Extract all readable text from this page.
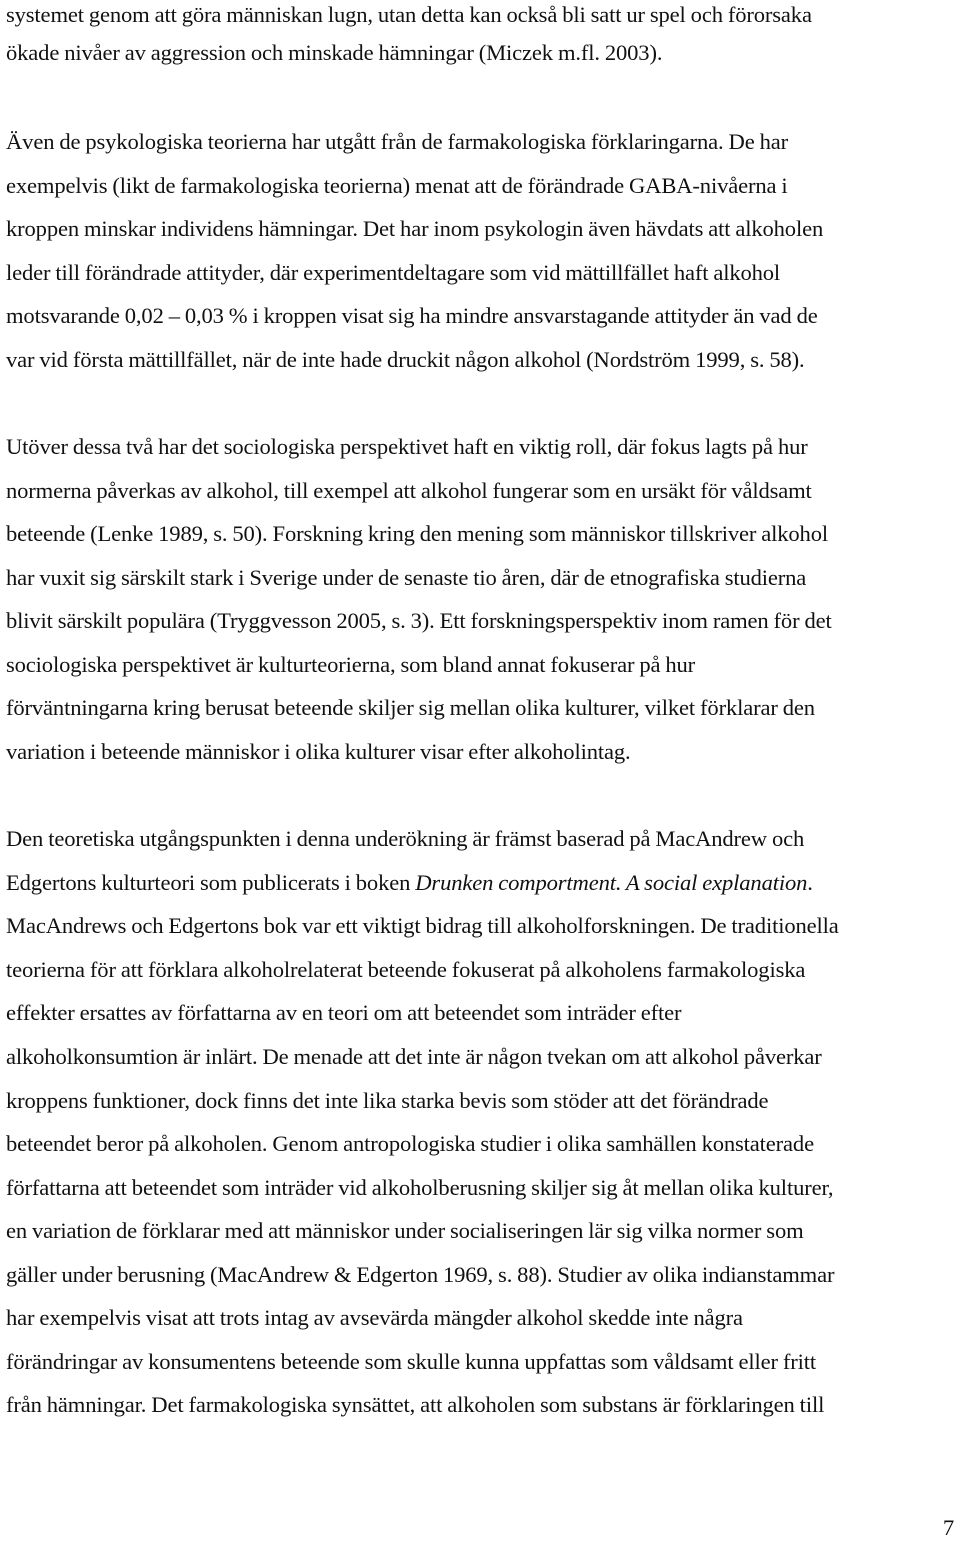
systemet genom att göra människan lugn, utan detta kan också bli satt ur spel och förorsaka

ökade nivåer av aggression och minskade hämningar (Miczek m.fl. 2003).

Även de psykologiska teorierna har utgått från de farmakologiska förklaringarna. De har

exempelvis (likt de farmakologiska teorierna) menat att de förändrade GABA-nivåerna i

kroppen minskar individens hämningar. Det har inom psykologin även hävdats att alkoholen

leder till förändrade attityder, där experimentdeltagare som vid mättillfället haft alkohol

motsvarande 0,02 – 0,03 % i kroppen visat sig ha mindre ansvarstagande attityder än vad de

var vid första mättillfället, när de inte hade druckit någon alkohol (Nordström 1999, s. 58).

Utöver dessa två har det sociologiska perspektivet haft en viktig roll, där fokus lagts på hur

normerna påverkas av alkohol, till exempel att alkohol fungerar som en ursäkt för våldsamt

beteende (Lenke 1989, s. 50). Forskning kring den mening som människor tillskriver alkohol

har vuxit sig särskilt stark i Sverige under de senaste tio åren, där de etnografiska studierna

blivit särskilt populära (Tryggvesson 2005, s. 3). Ett forskningsperspektiv inom ramen för det

sociologiska perspektivet är kulturteorierna, som bland annat fokuserar på hur

förväntningarna kring berusat beteende skiljer sig mellan olika kulturer, vilket förklarar den

variation i beteende människor i olika kulturer visar efter alkoholintag.

Den teoretiska utgångspunkten i denna underökning är främst baserad på MacAndrew och

Edgertons kulturteori som publicerats i boken Drunken comportment. A social explanation.

MacAndrews och Edgertons bok var ett viktigt bidrag till alkoholforskningen. De traditionella

teorierna för att förklara alkoholrelaterat beteende fokuserat på alkoholens farmakologiska

effekter ersattes av författarna av en teori om att beteendet som inträder efter

alkoholkonsumtion är inlärt. De menade att det inte är någon tvekan om att alkohol påverkar

kroppens funktioner, dock finns det inte lika starka bevis som stöder att det förändrade

beteendet beror på alkoholen. Genom antropologiska studier i olika samhällen konstaterade

författarna att beteendet som inträder vid alkoholberusning skiljer sig åt mellan olika kulturer,

en variation de förklarar med att människor under socialiseringen lär sig vilka normer som

gäller under berusning (MacAndrew & Edgerton 1969, s. 88). Studier av olika indianstammar

har exempelvis visat att trots intag av avsevärda mängder alkohol skedde inte några

förändringar av konsumentens beteende som skulle kunna uppfattas som våldsamt eller fritt

från hämningar. Det farmakologiska synsättet, att alkoholen som substans är förklaringen till

7
